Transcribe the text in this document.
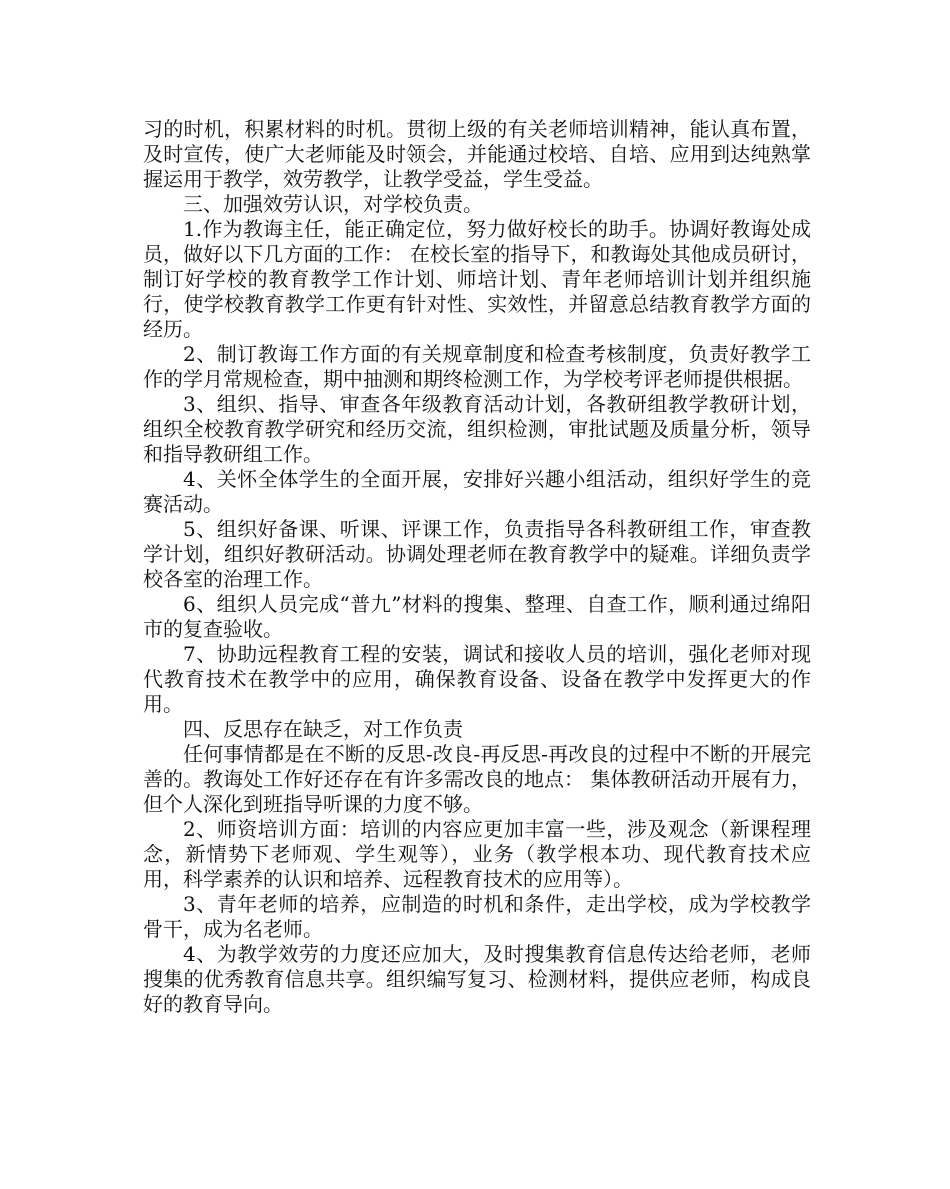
习的时机，积累材料的时机。贯彻上级的有关老师培训精神，能认真布置，及时宣传，使广大老师能及时领会，并能通过校培、自培、应用到达纯熟掌握运用于教学，效劳教学，让教学受益，学生受益。

三、加强效劳认识，对学校负责。

1.作为教诲主任，能正确定位，努力做好校长的助手。协调好教诲处成员，做好以下几方面的工作： 在校长室的指导下，和教诲处其他成员研讨，制订好学校的教育教学工作计划、师培计划、青年老师培训计划并组织施行，使学校教育教学工作更有针对性、实效性，并留意总结教育教学方面的经历。

2、制订教诲工作方面的有关规章制度和检查考核制度，负责好教学工作的学月常规检查，期中抽测和期终检测工作，为学校考评老师提供根据。

3、组织、指导、审查各年级教育活动计划，各教研组教学教研计划，组织全校教育教学研究和经历交流，组织检测，审批试题及质量分析，领导和指导教研组工作。

4、关怀全体学生的全面开展，安排好兴趣小组活动，组织好学生的竞赛活动。

5、组织好备课、听课、评课工作，负责指导各科教研组工作，审查教学计划，组织好教研活动。协调处理老师在教育教学中的疑难。详细负责学校各室的治理工作。

6、组织人员完成“普九”材料的搜集、整理、自查工作，顺利通过绵阳市的复查验收。

7、协助远程教育工程的安装，调试和接收人员的培训，强化老师对现代教育技术在教学中的应用，确保教育设备、设备在教学中发挥更大的作用。

四、反思存在缺乏，对工作负责

任何事情都是在不断的反思-改良-再反思-再改良的过程中不断的开展完善的。教诲处工作好还存在有许多需改良的地点： 集体教研活动开展有力，但个人深化到班指导听课的力度不够。

2、师资培训方面：培训的内容应更加丰富一些，涉及观念（新课程理念，新情势下老师观、学生观等），业务（教学根本功、现代教育技术应用，科学素养的认识和培养、远程教育技术的应用等）。

3、青年老师的培养，应制造的时机和条件，走出学校，成为学校教学骨干，成为名老师。

4、为教学效劳的力度还应加大，及时搜集教育信息传达给老师，老师搜集的优秀教育信息共享。组织编写复习、检测材料，提供应老师，构成良好的教育导向。
